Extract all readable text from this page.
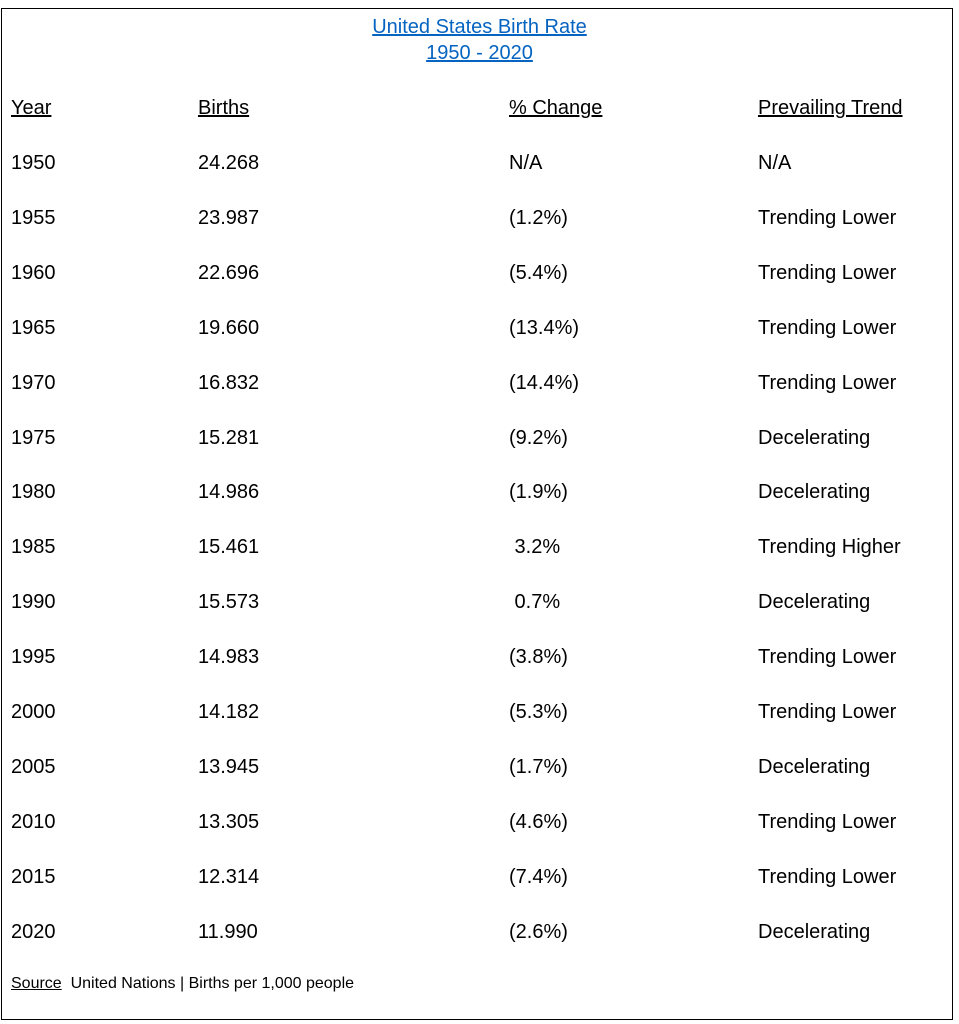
United States Birth Rate
1950 - 2020
Year	Births	% Change	Prevailing Trend
1950	24.268	N/A	N/A
1955	23.987	(1.2%)	Trending Lower
1960	22.696	(5.4%)	Trending Lower
1965	19.660	(13.4%)	Trending Lower
1970	16.832	(14.4%)	Trending Lower
1975	15.281	(9.2%)	Decelerating
1980	14.986	(1.9%)	Decelerating
1985	15.461	3.2%	Trending Higher
1990	15.573	0.7%	Decelerating
1995	14.983	(3.8%)	Trending Lower
2000	14.182	(5.3%)	Trending Lower
2005	13.945	(1.7%)	Decelerating
2010	13.305	(4.6%)	Trending Lower
2015	12.314	(7.4%)	Trending Lower
2020	11.990	(2.6%)	Decelerating
Source United Nations | Births per 1,000 people
